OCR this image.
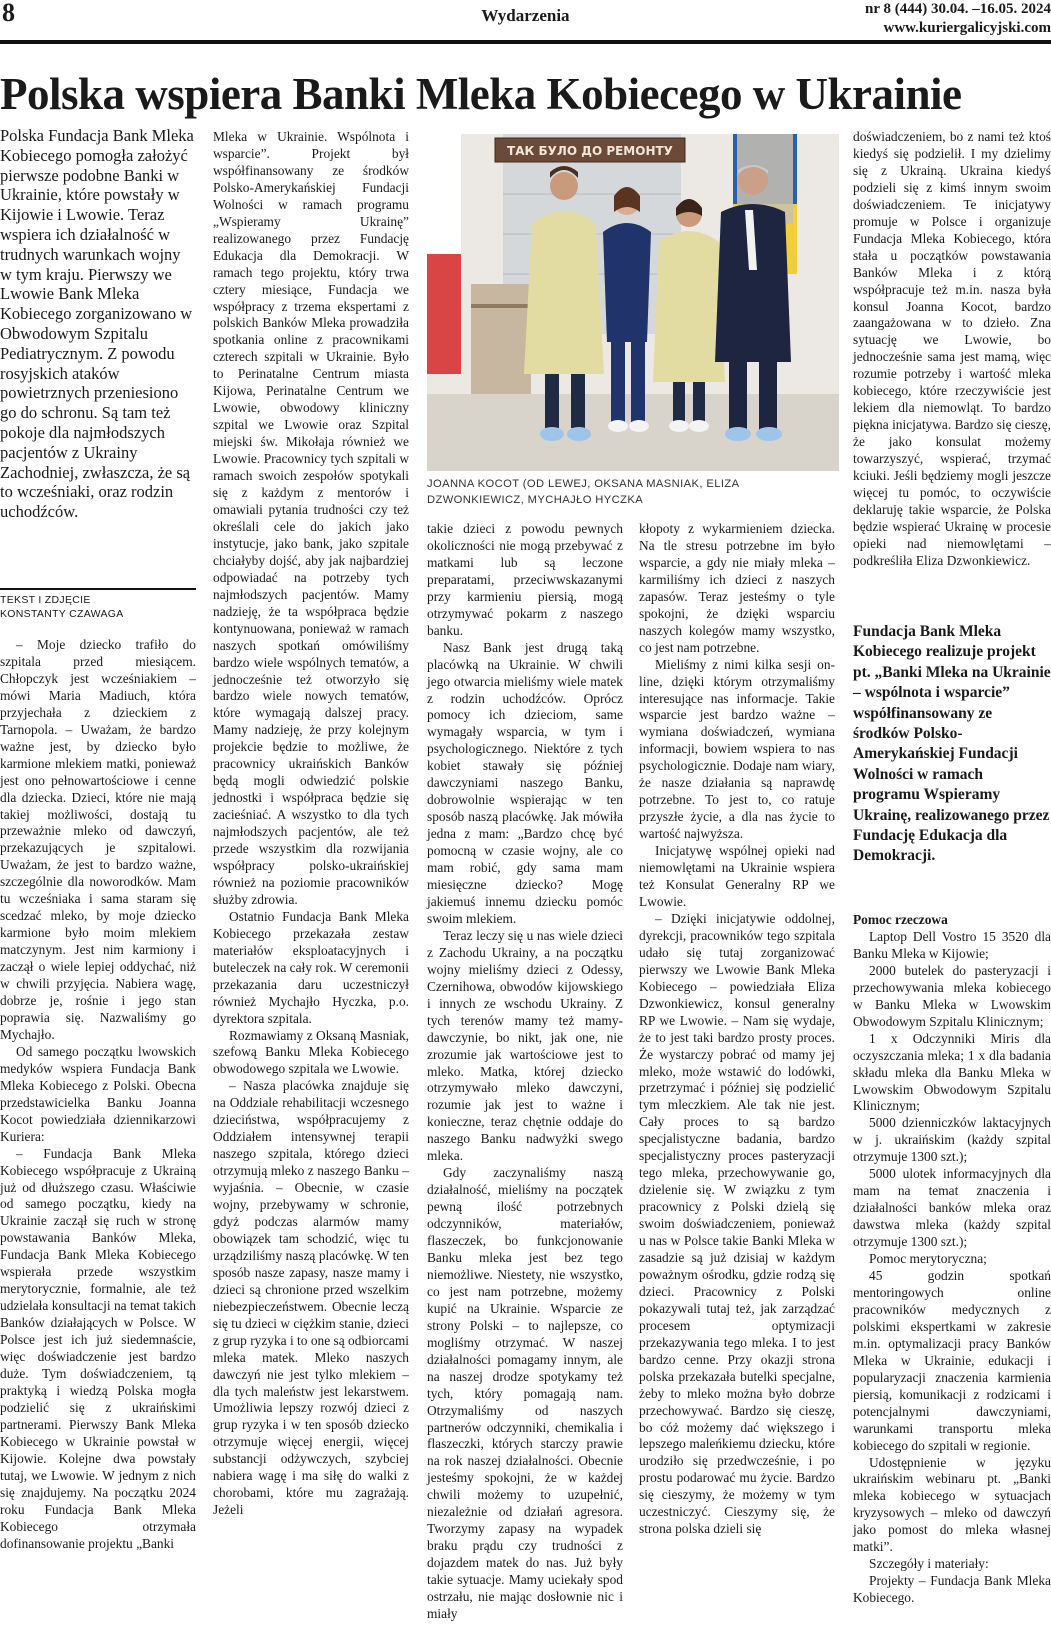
8	Wydarzenia	nr 8 (444) 30.04. –16.05. 2024
www.kuriergalicyjski.com
Polska wspiera Banki Mleka Kobiecego w Ukrainie
Polska Fundacja Bank Mleka Kobiecego pomogła założyć pierwsze podobne Banki w Ukrainie, które powstały w Kijowie i Lwowie. Teraz wspiera ich działalność w trudnych warunkach wojny w tym kraju. Pierwszy we Lwowie Bank Mleka Kobiecego zorganizowano w Obwodowym Szpitalu Pediatrycznym. Z powodu rosyjskich ataków powietrznych przeniesiono go do schronu. Są tam też pokoje dla najmłodszych pacjentów z Ukrainy Zachodniej, zwłaszcza, że są to wcześniaki, oraz rodzin uchodźców.
TEKST I ZDJĘCIE
KONSTANTY CZAWAGA

– Moje dziecko trafiło do szpitala przed miesiącem. Chłopczyk jest wcześniakiem – mówi Maria Madiuch, która przyjechała z dzieckiem z Tarnopola. – Uważam, że bardzo ważne jest, by dziecko było karmione mlekiem matki, ponieważ jest ono pełnowartościowe i cenne dla dziecka. Dzieci, które nie mają takiej możliwości, dostają tu przeważnie mleko od dawczyń, przekazujących je szpitalowi. Uważam, że jest to bardzo ważne, szczególnie dla noworodków. Mam tu wcześniaka i sama staram się scedzać mleko, by moje dziecko karmione było moim mlekiem matczynym. Jest nim karmiony i zaczął o wiele lepiej oddychać, niż w chwili przyjęcia. Nabiera wagę, dobrze je, rośnie i jego stan poprawia się. Nazwaliśmy go Mychajło.

Od samego początku lwowskich medyków wspiera Fundacja Bank Mleka Kobiecego z Polski. Obecna przedstawicielka Banku Joanna Kocot powiedziała dziennikarzowi Kuriera:

– Fundacja Bank Mleka Kobiecego współpracuje z Ukrainą już od dłuższego czasu. Właściwie od samego początku, kiedy na Ukrainie zaczął się ruch w stronę powstawania Banków Mleka, Fundacja Bank Mleka Kobiecego wspierała przede wszystkim merytorycznie, formalnie, ale też udzielała konsultacji na temat takich Banków działających w Polsce. W Polsce jest ich już siedemnaście, więc doświadczenie jest bardzo duże. Tym doświadczeniem, tą praktyką i wiedzą Polska mogła podzielić się z ukraińskimi partnerami. Pierwszy Bank Mleka Kobiecego w Ukrainie powstał w Kijowie. Kolejne dwa powstały tutaj, we Lwowie. W jednym z nich się znajdujemy. Na początku 2024 roku Fundacja Bank Mleka Kobiecego otrzymała dofinansowanie projektu „Banki

Mleka w Ukrainie. Wspólnota i wsparcie”. Projekt był współfinansowany ze środków Polsko-Amerykańskiej Fundacji Wolności w ramach programu „Wspieramy Ukrainę” realizowanego przez Fundację Edukacja dla Demokracji. W ramach tego projektu, który trwa cztery miesiące, Fundacja we współpracy z trzema ekspertami z polskich Banków Mleka prowadziła spotkania online z pracownikami czterech szpitali w Ukrainie. Było to Perinatalne Centrum miasta Kijowa, Perinatalne Centrum we Lwowie, obwodowy kliniczny szpital we Lwowie oraz Szpital miejski św. Mikołaja również we Lwowie. Pracownicy tych szpitali w ramach swoich zespołów spotykali się z każdym z mentorów i omawiali pytania trudności czy też określali cele do jakich jako instytucje, jako bank, jako szpitale chciałyby dojść, aby jak najbardziej odpowiadać na potrzeby tych najmłodszych pacjentów. Mamy nadzieję, że ta współpraca będzie kontynuowana, ponieważ w ramach naszych spotkań omówiliśmy bardzo wiele wspólnych tematów, a jednocześnie też otworzyło się bardzo wiele nowych tematów, które wymagają dalszej pracy. Mamy nadzieję, że przy kolejnym projekcie będzie to możliwe, że pracownicy ukraińskich Banków będą mogli odwiedzić polskie jednostki i współpraca będzie się zacieśniać. A wszystko to dla tych najmłodszych pacjentów, ale też przede wszystkim dla rozwijania współpracy polsko-ukraińskiej również na poziomie pracowników służby zdrowia.

Ostatnio Fundacja Bank Mleka Kobiecego przekazała zestaw materiałów eksploatacyjnych i buteleczek na cały rok. W ceremonii przekazania daru uczestniczył również Mychajło Hyczka, p.o. dyrektora szpitala.

Rozmawiamy z Oksaną Masniak, szefową Banku Mleka Kobiecego obwodowego szpitala we Lwowie.

– Nasza placówka znajduje się na Oddziale rehabilitacji wczesnego dzieciństwa, współpracujemy z Oddziałem intensywnej terapii naszego szpitala, którego dzieci otrzymują mleko z naszego Banku – wyjaśnia. – Obecnie, w czasie wojny, przebywamy w schronie, gdyż podczas alarmów mamy obowiązek tam schodzić, więc tu urządziliśmy naszą placówkę. W ten sposób nasze zapasy, nasze mamy i dzieci są chronione przed wszelkim niebezpieczeństwem. Obecnie leczą się tu dzieci w ciężkim stanie, dzieci z grup ryzyka i to one są odbiorcami mleka matek. Mleko naszych dawczyń nie jest tylko mlekiem – dla tych maleństw jest lekarstwem. Umożliwia lepszy rozwój dzieci z grup ryzyka i w ten sposób dziecko otrzymuje więcej energii, więcej substancji odżywczych, szybciej nabiera wagę i ma siłę do walki z chorobami, które mu zagrażają. Jeżeli

ТАК БУЛО ДО РЕМОНТУ
JOANNA KOCOT (OD LEWEJ, OKSANA MASNIAK, ELIZA DZWONKIEWICZ, MYCHAJŁO HYCZKA

takie dzieci z powodu pewnych okoliczności nie mogą przebywać z matkami lub są leczone preparatami, przeciwwskazanymi przy karmieniu piersią, mogą otrzymywać pokarm z naszego banku.

Nasz Bank jest drugą taką placówką na Ukrainie. W chwili jego otwarcia mieliśmy wiele matek z rodzin uchodźców. Oprócz pomocy ich dzieciom, same wymagały wsparcia, w tym i psychologicznego. Niektóre z tych kobiet stawały się później dawczyniami naszego Banku, dobrowolnie wspierając w ten sposób naszą placówkę. Jak mówiła jedna z mam: „Bardzo chcę być pomocną w czasie wojny, ale co mam robić, gdy sama mam miesięczne dziecko? Mogę jakiemuś innemu dziecku pomóc swoim mlekiem.

Teraz leczy się u nas wiele dzieci z Zachodu Ukrainy, a na początku wojny mieliśmy dzieci z Odessy, Czernihowa, obwodów kijowskiego i innych ze wschodu Ukrainy. Z tych terenów mamy też mamy-dawczynie, bo nikt, jak one, nie zrozumie jak wartościowe jest to mleko. Matka, której dziecko otrzymywało mleko dawczyni, rozumie jak jest to ważne i konieczne, teraz chętnie oddaje do naszego Banku nadwyżki swego mleka.

Gdy zaczynaliśmy naszą działalność, mieliśmy na początek pewną ilość potrzebnych odczynników, materiałów, flaszeczek, bo funkcjonowanie Banku mleka jest bez tego niemożliwe. Niestety, nie wszystko, co jest nam potrzebne, możemy kupić na Ukrainie. Wsparcie ze strony Polski – to najlepsze, co mogliśmy otrzymać. W naszej działalności pomagamy innym, ale na naszej drodze spotykamy też tych, który pomagają nam. Otrzymaliśmy od naszych partnerów odczynniki, chemikalia i flaszeczki, których starczy prawie na rok naszej działalności. Obecnie jesteśmy spokojni, że w każdej chwili możemy to uzupełnić, niezależnie od działań agresora. Tworzymy zapasy na wypadek braku prądu czy trudności z dojazdem matek do nas. Już były takie sytuacje. Mamy uciekały spod ostrzału, nie mając dosłownie nic i miały

kłopoty z wykarmieniem dziecka. Na tle stresu potrzebne im było wsparcie, a gdy nie miały mleka – karmiliśmy ich dzieci z naszych zapasów. Teraz jesteśmy o tyle spokojni, że dzięki wsparciu naszych kolegów mamy wszystko, co jest nam potrzebne.

Mieliśmy z nimi kilka sesji on-line, dzięki którym otrzymaliśmy interesujące nas informacje. Takie wsparcie jest bardzo ważne – wymiana doświadczeń, wymiana informacji, bowiem wspiera to nas psychologicznie. Dodaje nam wiary, że nasze działania są naprawdę potrzebne. To jest to, co ratuje przyszłe życie, a dla nas życie to wartość najwyższa.

Inicjatywę wspólnej opieki nad niemowlętami na Ukrainie wspiera też Konsulat Generalny RP we Lwowie.

– Dzięki inicjatywie oddolnej, dyrekcji, pracowników tego szpitala udało się tutaj zorganizować pierwszy we Lwowie Bank Mleka Kobiecego – powiedziała Eliza Dzwonkiewicz, konsul generalny RP we Lwowie. – Nam się wydaje, że to jest taki bardzo prosty proces. Że wystarczy pobrać od mamy jej mleko, może wstawić do lodówki, przetrzymać i później się podzielić tym mleczkiem. Ale tak nie jest. Cały proces to są bardzo specjalistyczne badania, bardzo specjalistyczny proces pasteryzacji tego mleka, przechowywanie go, dzielenie się. W związku z tym pracownicy z Polski dzielą się swoim doświadczeniem, ponieważ u nas w Polsce takie Banki Mleka w zasadzie są już dzisiaj w każdym poważnym ośrodku, gdzie rodzą się dzieci. Pracownicy z Polski pokazywali tutaj też, jak zarządzać procesem optymizacji przekazywania tego mleka. I to jest bardzo cenne. Przy okazji strona polska przekazała butelki specjalne, żeby to mleko można było dobrze przechowywać. Bardzo się cieszę, bo cóż możemy dać większego i lepszego maleńkiemu dziecku, które urodziło się przedwcześnie, i po prostu podarować mu życie. Bardzo się cieszymy, że możemy w tym uczestniczyć. Cieszymy się, że strona polska dzieli się

doświadczeniem, bo z nami też ktoś kiedyś się podzielił. I my dzielimy się z Ukrainą. Ukraina kiedyś podzieli się z kimś innym swoim doświadczeniem. Te inicjatywy promuje w Polsce i organizuje Fundacja Mleka Kobiecego, która stała u początków powstawania Banków Mleka i z którą współpracuje też m.in. nasza była konsul Joanna Kocot, bardzo zaangażowana w to dzieło. Zna sytuację we Lwowie, bo jednocześnie sama jest mamą, więc rozumie potrzeby i wartość mleka kobiecego, które rzeczywiście jest lekiem dla niemowląt. To bardzo piękna inicjatywa. Bardzo się cieszę, że jako konsulat możemy towarzyszyć, wspierać, trzymać kciuki. Jeśli będziemy mogli jeszcze więcej tu pomóc, to oczywiście deklaruję takie wsparcie, że Polska będzie wspierać Ukrainę w procesie opieki nad niemowlętami – podkreśliła Eliza Dzwonkiewicz.

Fundacja Bank Mleka Kobiecego realizuje projekt pt. „Banki Mleka na Ukrainie – wspólnota i wsparcie” współfinansowany ze środków Polsko-Amerykańskiej Fundacji Wolności w ramach programu Wspieramy Ukrainę, realizowanego przez Fundację Edukacja dla Demokracji.

Pomoc rzeczowa

Laptop Dell Vostro 15 3520 dla Banku Mleka w Kijowie;

2000 butelek do pasteryzacji i przechowywania mleka kobiecego w Banku Mleka w Lwowskim Obwodowym Szpitalu Klinicznym;

1 x Odczynniki Miris dla oczyszczania mleka; 1 x dla badania składu mleka dla Banku Mleka w Lwowskim Obwodowym Szpitalu Klinicznym;

5000 dzienniczków laktacyjnych w j. ukraińskim (każdy szpital otrzymuje 1300 szt.);

5000 ulotek informacyjnych dla mam na temat znaczenia i działalności banków mleka oraz dawstwa mleka (każdy szpital otrzymuje 1300 szt.);

Pomoc merytoryczna;

45 godzin spotkań mentoringowych online pracowników medycznych z polskimi ekspertkami w zakresie m.in. optymalizacji pracy Banków Mleka w Ukrainie, edukacji i popularyzacji znaczenia karmienia piersią, komunikacji z rodzicami i potencjalnymi dawczyniami, warunkami transportu mleka kobiecego do szpitali w regionie.

Udostępnienie w języku ukraińskim webinaru pt. „Banki mleka kobiecego w sytuacjach kryzysowych – mleko od dawczyń jako pomost do mleka własnej matki”.

Szczegóły i materiały:

Projekty – Fundacja Bank Mleka Kobiecego.
